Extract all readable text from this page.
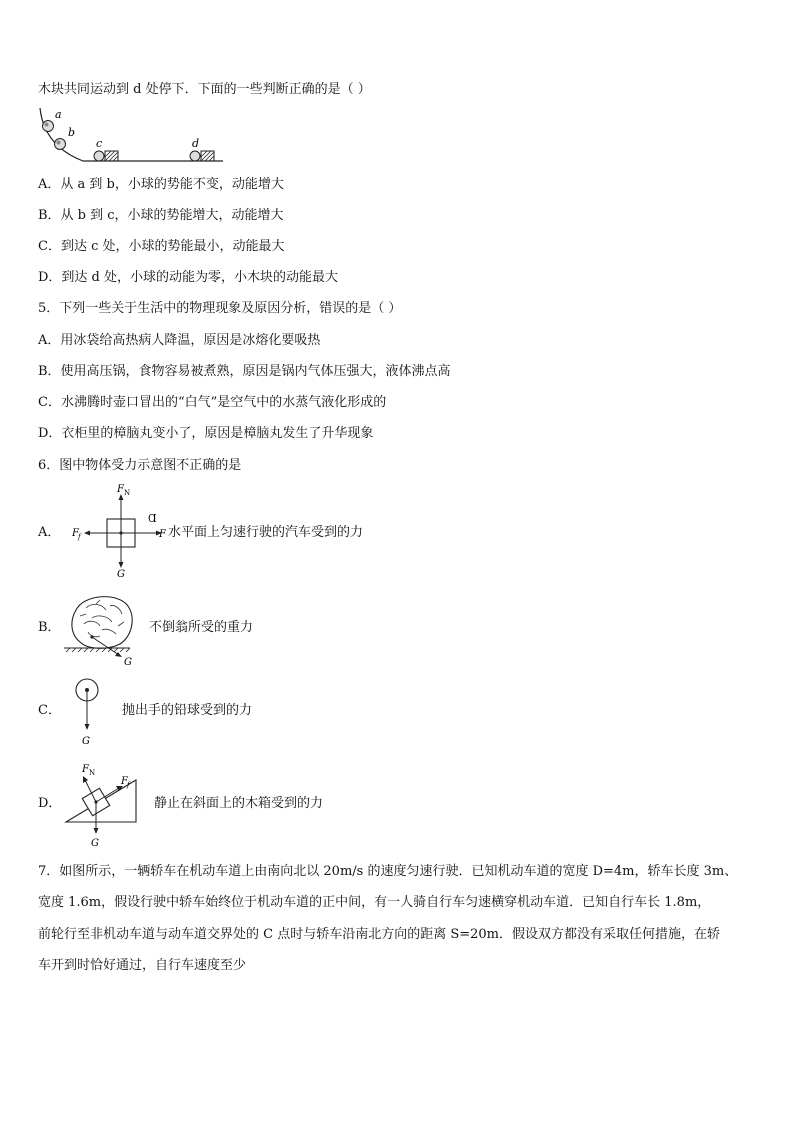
木块共同运动到 d 处停下．下面的一些判断正确的是（ ）
a
b
c	d
A．从 a 到 b，小球的势能不变，动能增大
B．从 b 到 c，小球的势能增大，动能增大
C．到达 c 处，小球的势能最小，动能最大
D．到达 d 处，小球的动能为零，小木块的动能最大
5．下列一些关于生活中的物理现象及原因分析，错误的是（ ）
A．用冰袋给高热病人降温，原因是冰熔化要吸热
B．使用高压锅，食物容易被煮熟，原因是锅内气体压强大，液体沸点高
C．水沸腾时壶口冒出的“白气”是空气中的水蒸气液化形成的
D．衣柜里的樟脑丸变小了，原因是樟脑丸发生了升华现象
6．图中物体受力示意图不正确的是
A．
F N
F f	F
G
Ɑ
水平面上匀速行驶的汽车受到的力
B．
G
不倒翁所受的重力
C．
G
抛出手的铅球受到的力
D．
F N
F f
G
静止在斜面上的木箱受到的力
7．如图所示，一辆轿车在机动车道上由南向北以 20m/s 的速度匀速行驶．已知机动车道的宽度 D=4m，轿车长度 3m、
宽度 1.6m，假设行驶中轿车始终位于机动车道的正中间，有一人骑自行车匀速横穿机动车道．已知自行车长 1.8m，
前轮行至非机动车道与动车道交界处的 C 点时与轿车沿南北方向的距离 S=20m．假设双方都没有采取任何措施，在轿
车开到时恰好通过，自行车速度至少
